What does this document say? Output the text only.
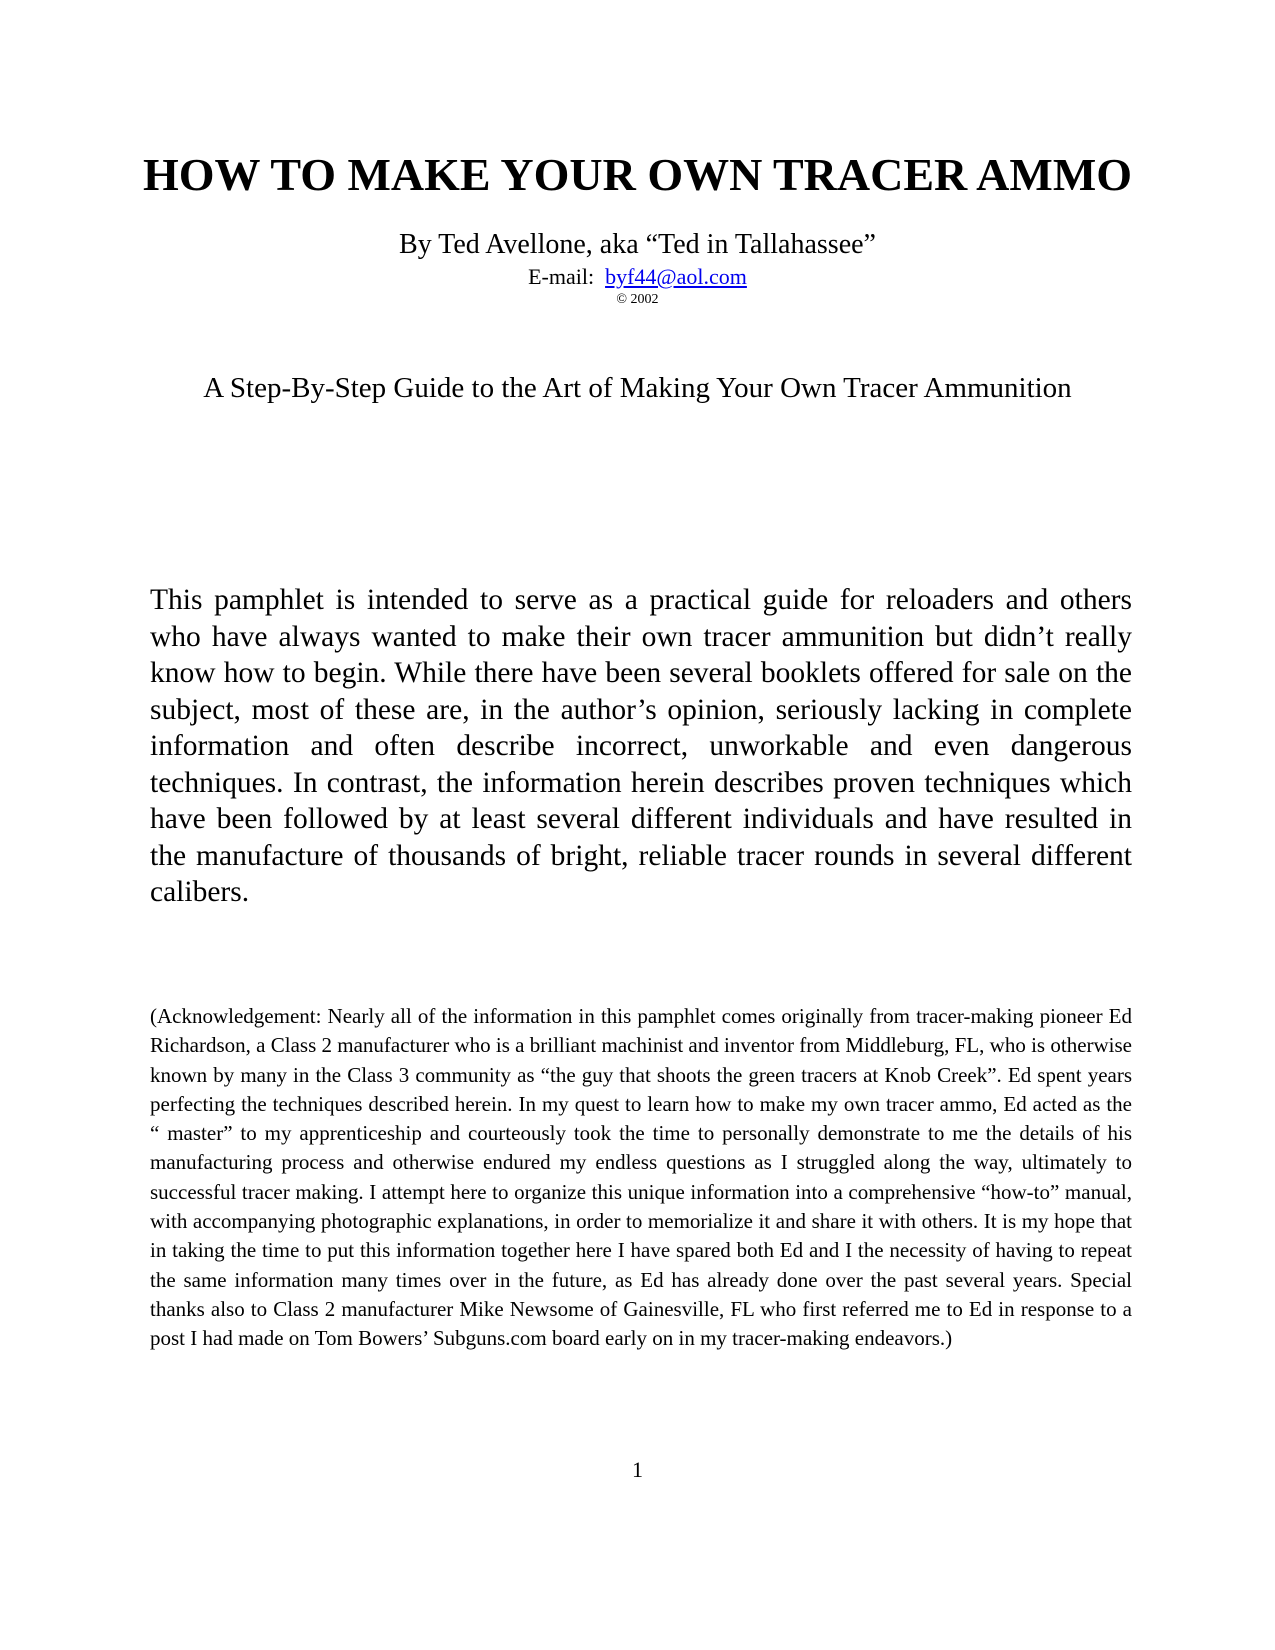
HOW TO MAKE YOUR OWN TRACER AMMO

By Ted Avellone, aka “Ted in Tallahassee”

E-mail: byf44@aol.com

© 2002

A Step-By-Step Guide to the Art of Making Your Own Tracer Ammunition

This pamphlet is intended to serve as a practical guide for reloaders and others who have always wanted to make their own tracer ammunition but didn’t really know how to begin. While there have been several booklets offered for sale on the subject, most of these are, in the author’s opinion, seriously lacking in complete information and often describe incorrect, unworkable and even dangerous techniques. In contrast, the information herein describes proven techniques which have been followed by at least several different individuals and have resulted in the manufacture of thousands of bright, reliable tracer rounds in several different calibers.

(Acknowledgement: Nearly all of the information in this pamphlet comes originally from tracer-making pioneer Ed Richardson, a Class 2 manufacturer who is a brilliant machinist and inventor from Middleburg, FL, who is otherwise known by many in the Class 3 community as “the guy that shoots the green tracers at Knob Creek”. Ed spent years perfecting the techniques described herein. In my quest to learn how to make my own tracer ammo, Ed acted as the “ master” to my apprenticeship and courteously took the time to personally demonstrate to me the details of his manufacturing process and otherwise endured my endless questions as I struggled along the way, ultimately to successful tracer making. I attempt here to organize this unique information into a comprehensive “how-to” manual, with accompanying photographic explanations, in order to memorialize it and share it with others. It is my hope that in taking the time to put this information together here I have spared both Ed and I the necessity of having to repeat the same information many times over in the future, as Ed has already done over the past several years. Special thanks also to Class 2 manufacturer Mike Newsome of Gainesville, FL who first referred me to Ed in response to a post I had made on Tom Bowers’ Subguns.com board early on in my tracer-making endeavors.)

1
